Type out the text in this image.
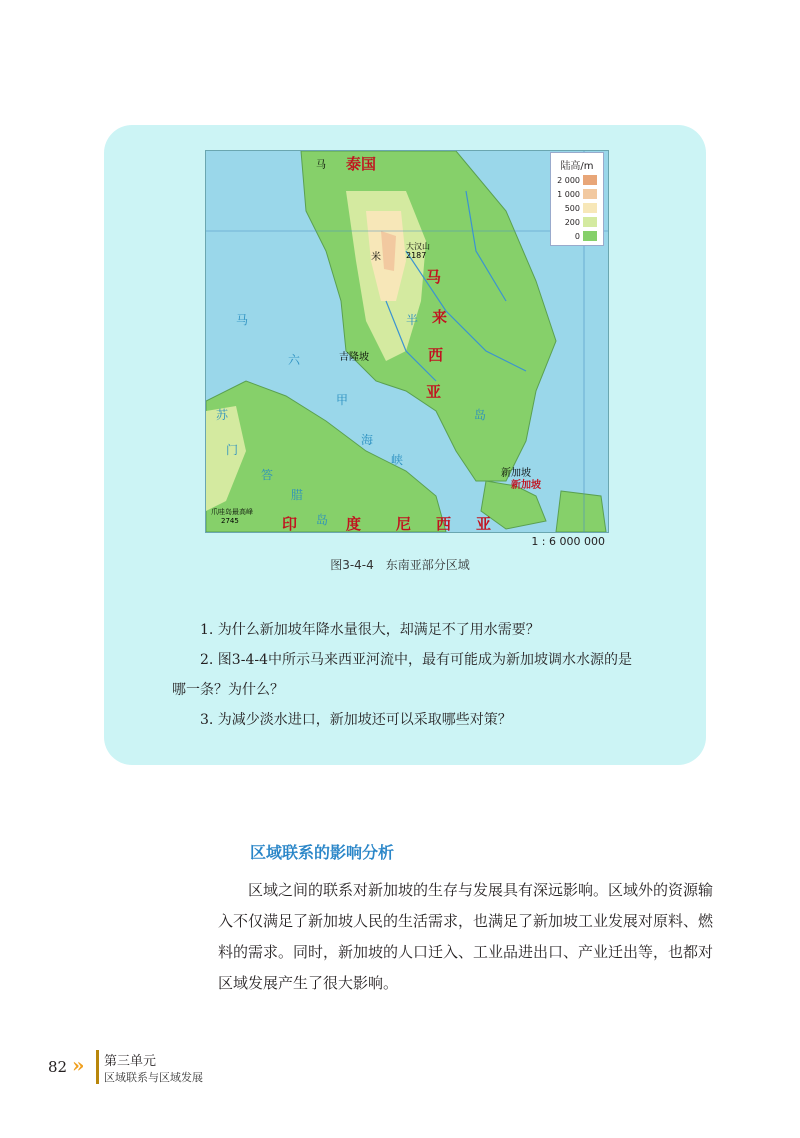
泰国
马
来
西
亚
印	度 尼 西 亚
新加坡
吉隆坡
新加坡
大汉山
2187
苏
门
答
腊
岛
半
岛
马
六
甲
海
峡
马
米
爪哇岛最高峰
2745
陆高/m
2 000
1 000
500
200
0
1 : 6 000 000
图3-4-4　东南亚部分区域
1. 为什么新加坡年降水量很大，却满足不了用水需要？
2. 图3-4-4中所示马来西亚河流中，最有可能成为新加坡调水水源的是
哪一条？为什么？
3. 为减少淡水进口，新加坡还可以采取哪些对策？
区域联系的影响分析

区域之间的联系对新加坡的生存与发展具有深远影响。区域外的资源输入不仅满足了新加坡人民的生活需求，也满足了新加坡工业发展对原料、燃料的需求。同时，新加坡的人口迁入、工业品进出口、产业迁出等，也都对区域发展产生了很大影响。

82 » 第三单元
区域联系与区域发展
